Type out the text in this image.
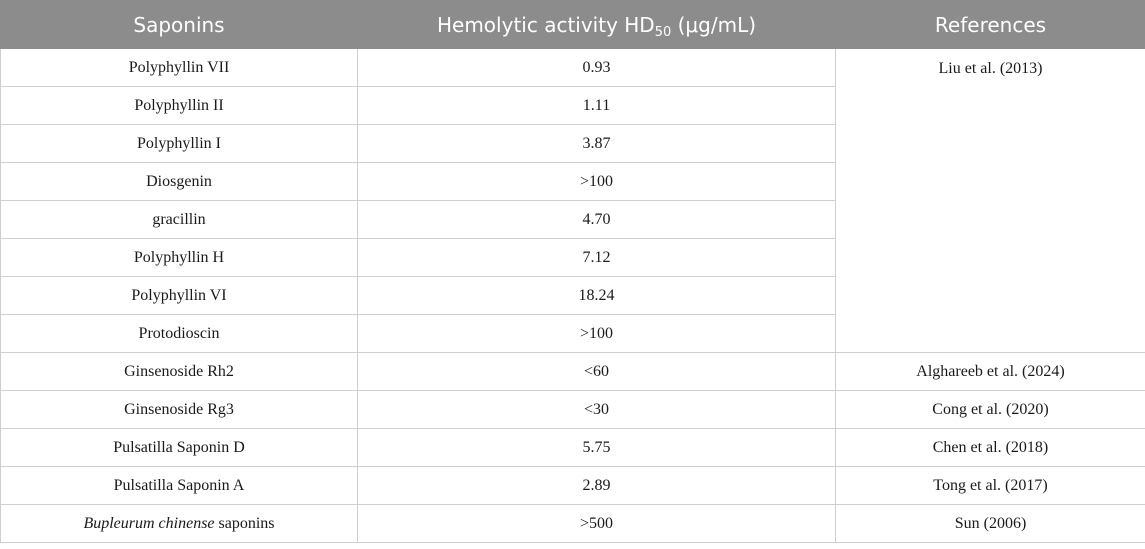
Saponins	Hemolytic activity $HD_{50}$ (μg/mL)	References
Polyphyllin VII	0.93	Liu et al. (2013)
Polyphyllin II	1.11	
Polyphyllin I	3.87	
Diosgenin	>100	
gracillin	4.70	
Polyphyllin H	7.12	
Polyphyllin VI	18.24	
Protodioscin	>100	
Ginsenoside Rh2	<60	Alghareeb et al. (2024)
Ginsenoside Rg3	<30	Cong et al. (2020)
Pulsatilla Saponin D	5.75	Chen et al. (2018)
Pulsatilla Saponin A	2.89	Tong et al. (2017)
Bupleurum chinense saponins	>500	Sun (2006)
